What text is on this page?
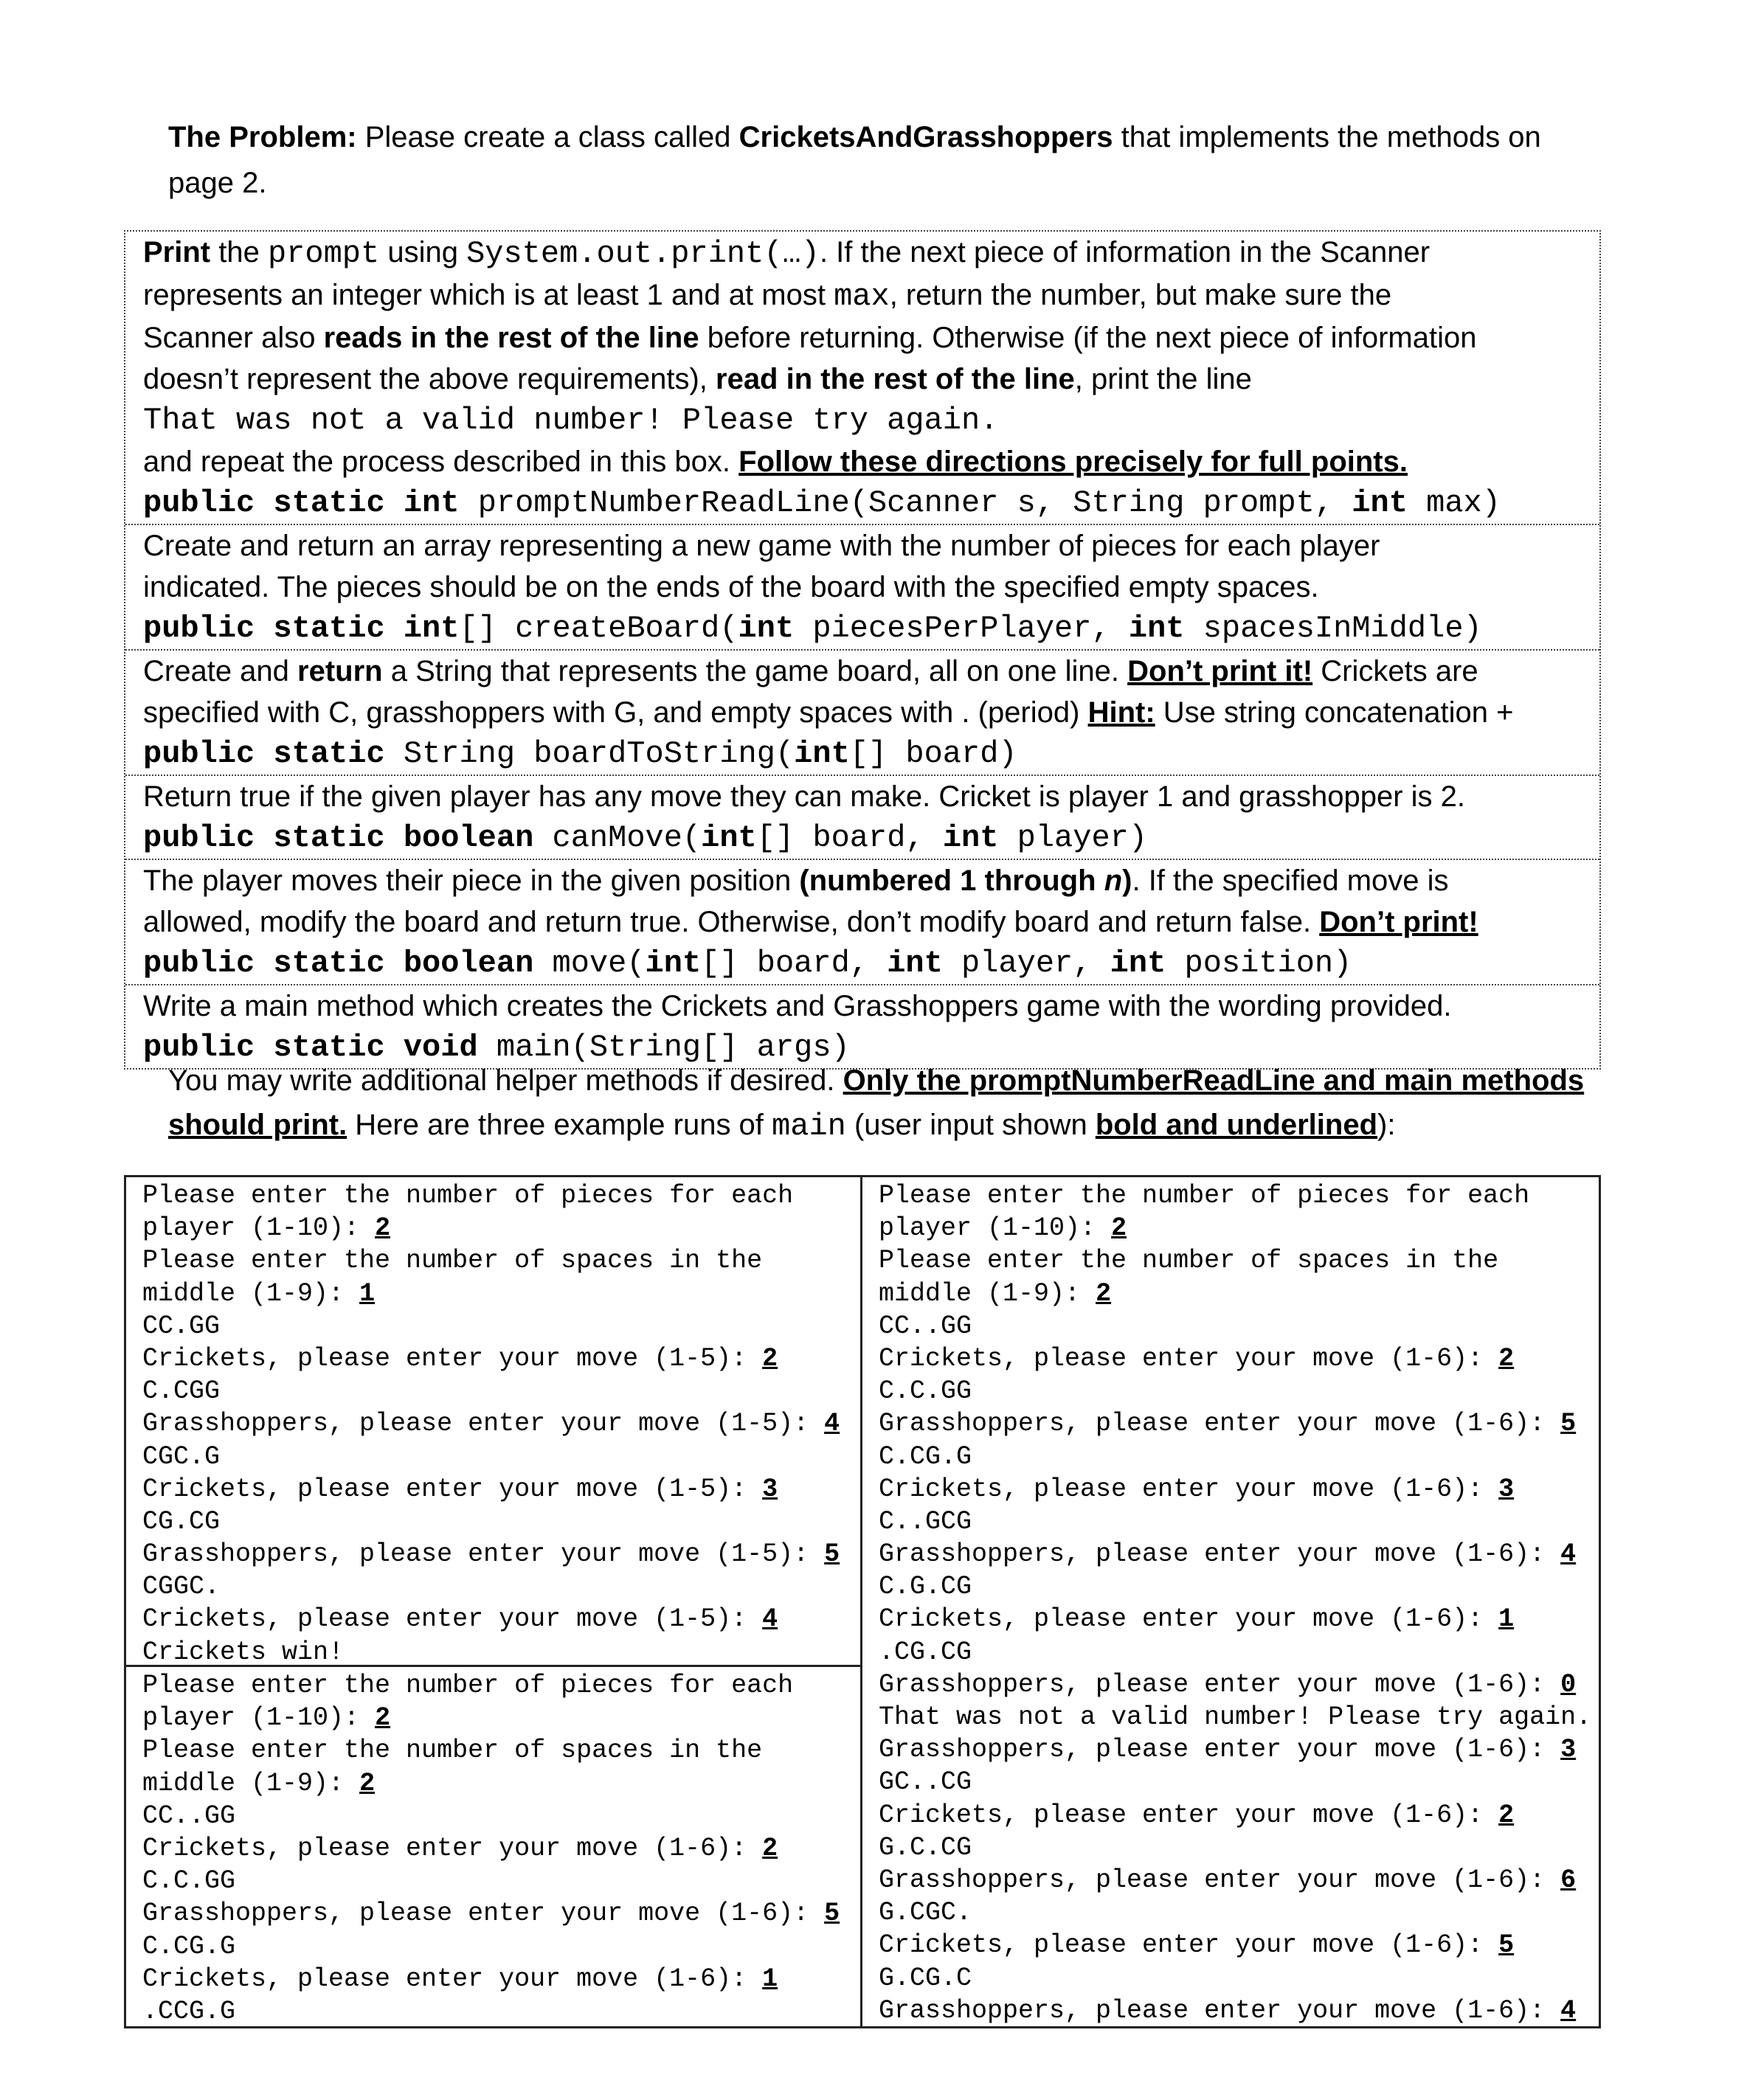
The Problem: Please create a class called CricketsAndGrasshoppers that implements the methods on page 2.
Print the prompt using System.out.print(…). If the next piece of information in the Scanner
represents an integer which is at least 1 and at most max, return the number, but make sure the
Scanner also reads in the rest of the line before returning. Otherwise (if the next piece of information
doesn’t represent the above requirements), read in the rest of the line, print the line
That was not a valid number! Please try again.
and repeat the process described in this box. Follow these directions precisely for full points.
public static int promptNumberReadLine(Scanner s, String prompt, int max)
Create and return an array representing a new game with the number of pieces for each player
indicated. The pieces should be on the ends of the board with the specified empty spaces.
public static int[] createBoard(int piecesPerPlayer, int spacesInMiddle)
Create and return a String that represents the game board, all on one line. Don’t print it! Crickets are
specified with C, grasshoppers with G, and empty spaces with . (period) Hint: Use string concatenation +
public static String boardToString(int[] board)
Return true if the given player has any move they can make. Cricket is player 1 and grasshopper is 2.
public static boolean canMove(int[] board, int player)
The player moves their piece in the given position (numbered 1 through n). If the specified move is
allowed, modify the board and return true. Otherwise, don’t modify board and return false. Don’t print!
public static boolean move(int[] board, int player, int position)
Write a main method which creates the Crickets and Grasshoppers game with the wording provided.
public static void main(String[] args)
You may write additional helper methods if desired. Only the promptNumberReadLine and main methods should print. Here are three example runs of main (user input shown bold and underlined):
Please enter the number of pieces for each
player (1-10): 2
Please enter the number of spaces in the
middle (1-9): 1
CC.GG
Crickets, please enter your move (1-5): 2
C.CGG
Grasshoppers, please enter your move (1-5): 4
CGC.G
Crickets, please enter your move (1-5): 3
CG.CG
Grasshoppers, please enter your move (1-5): 5
CGGC.
Crickets, please enter your move (1-5): 4
Crickets win!
Please enter the number of pieces for each
player (1-10): 2
Please enter the number of spaces in the
middle (1-9): 2
CC..GG
Crickets, please enter your move (1-6): 2
C.C.GG
Grasshoppers, please enter your move (1-6): 5
C.CG.G
Crickets, please enter your move (1-6): 1
.CCG.G
Please enter the number of pieces for each
player (1-10): 2
Please enter the number of spaces in the
middle (1-9): 2
CC..GG
Crickets, please enter your move (1-6): 2
C.C.GG
Grasshoppers, please enter your move (1-6): 5
C.CG.G
Crickets, please enter your move (1-6): 3
C..GCG
Grasshoppers, please enter your move (1-6): 4
C.G.CG
Crickets, please enter your move (1-6): 1
.CG.CG
Grasshoppers, please enter your move (1-6): 0
That was not a valid number! Please try again.
Grasshoppers, please enter your move (1-6): 3
GC..CG
Crickets, please enter your move (1-6): 2
G.C.CG
Grasshoppers, please enter your move (1-6): 6
G.CGC.
Crickets, please enter your move (1-6): 5
G.CG.C
Grasshoppers, please enter your move (1-6): 4
